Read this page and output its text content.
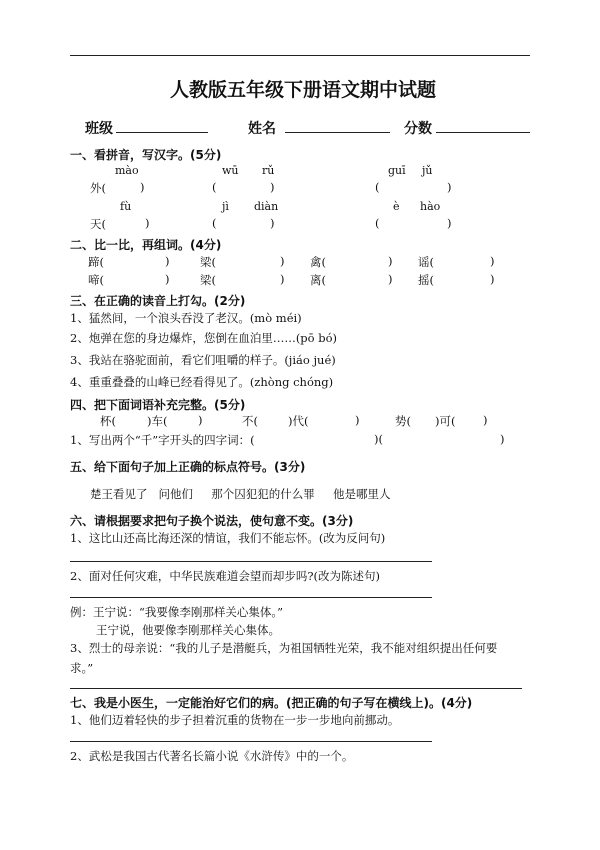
人教版五年级下册语文期中试题
班级	姓名	分数
一、看拼音，写汉字。(5分)
mào	wū rǔ	guī jǔ
外(	)	(	)	(	)
fù	jì diàn	è hào
天(	)	(	)	(	)
二、比一比，再组词。(4分)
蹄(	)	梁(	) 禽(	) 谣(	)
啼(	)	梁(	) 离(	) 摇(	)
三、在正确的读音上打勾。(2分)
1、猛然间，一个浪头吞没了老汉。(mò méi)
2、炮弹在您的身边爆炸，您倒在血泊里……(pō bó)
3、我站在骆驼面前，看它们咀嚼的样子。(jiáo jué)
4、重重叠叠的山峰已经看得见了。(zhòng chóng)
四、把下面词语补充完整。(5分)
杯(	)车(	)	不(	)代(	)	势( )可( )
1、写出两个“千”字开头的四字词：(	)(	)
五、给下面句子加上正确的标点符号。(3分)
楚王看见了   问他们     那个囚犯犯的什么罪     他是哪里人
六、请根据要求把句子换个说法，使句意不变。(3分)
1、这比山还高比海还深的情谊，我们不能忘怀。(改为反问句)
2、面对任何灾难，中华民族难道会望而却步吗?(改为陈述句)
例：王宁说：“我要像李刚那样关心集体。”
王宁说，他要像李刚那样关心集体。
3、烈士的母亲说：“我的儿子是潜艇兵，为祖国牺牲光荣，我不能对组织提出任何要
求。”
七、我是小医生，一定能治好它们的病。(把正确的句子写在横线上)。(4分)
1、他们迈着轻快的步子担着沉重的货物在一步一步地向前挪动。
2、武松是我国古代著名长篇小说《水浒传》中的一个。
